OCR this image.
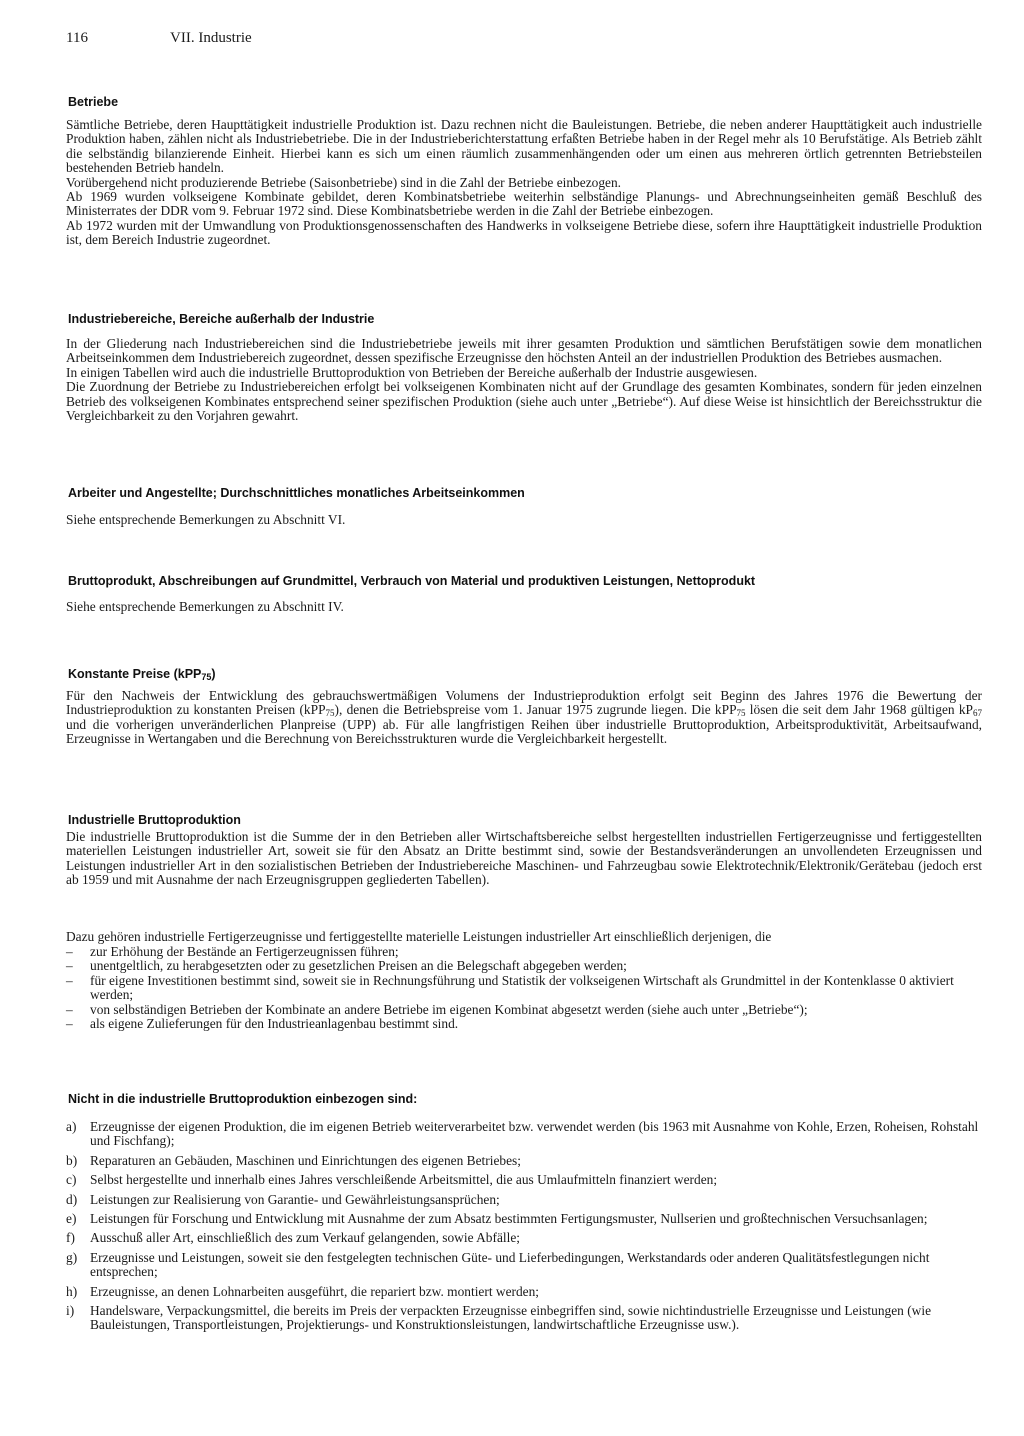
116	VII. Industrie
Betriebe
Sämtliche Betriebe, deren Haupttätigkeit industrielle Produktion ist. Dazu rechnen nicht die Bauleistungen. Betriebe, die neben anderer Haupttätigkeit auch industrielle Produktion haben, zählen nicht als Industriebetriebe. Die in der Industrieberichterstattung erfaßten Betriebe haben in der Regel mehr als 10 Berufstätige. Als Betrieb zählt die selbständig bilanzierende Einheit. Hierbei kann es sich um einen räumlich zusammenhängenden oder um einen aus mehreren örtlich getrennten Betriebsteilen bestehenden Betrieb handeln.
Vorübergehend nicht produzierende Betriebe (Saisonbetriebe) sind in die Zahl der Betriebe einbezogen.
Ab 1969 wurden volkseigene Kombinate gebildet, deren Kombinatsbetriebe weiterhin selbständige Planungs- und Abrechnungseinheiten gemäß Beschluß des Ministerrates der DDR vom 9. Februar 1972 sind. Diese Kombinatsbetriebe werden in die Zahl der Betriebe einbezogen.
Ab 1972 wurden mit der Umwandlung von Produktionsgenossenschaften des Handwerks in volkseigene Betriebe diese, sofern ihre Haupttätigkeit industrielle Produktion ist, dem Bereich Industrie zugeordnet.
Industriebereiche, Bereiche außerhalb der Industrie
In der Gliederung nach Industriebereichen sind die Industriebetriebe jeweils mit ihrer gesamten Produktion und sämtlichen Berufstätigen sowie dem monatlichen Arbeitseinkommen dem Industriebereich zugeordnet, dessen spezifische Erzeugnisse den höchsten Anteil an der industriellen Produktion des Betriebes ausmachen.
In einigen Tabellen wird auch die industrielle Bruttoproduktion von Betrieben der Bereiche außerhalb der Industrie ausgewiesen.
Die Zuordnung der Betriebe zu Industriebereichen erfolgt bei volkseigenen Kombinaten nicht auf der Grundlage des gesamten Kombinates, sondern für jeden einzelnen Betrieb des volkseigenen Kombinates entsprechend seiner spezifischen Produktion (siehe auch unter „Betriebe“). Auf diese Weise ist hinsichtlich der Bereichsstruktur die Vergleichbarkeit zu den Vorjahren gewahrt.
Arbeiter und Angestellte; Durchschnittliches monatliches Arbeitseinkommen
Siehe entsprechende Bemerkungen zu Abschnitt VI.
Bruttoprodukt, Abschreibungen auf Grundmittel, Verbrauch von Material und produktiven Leistungen, Nettoprodukt
Siehe entsprechende Bemerkungen zu Abschnitt IV.
Konstante Preise (kPP$_{75}$)
Für den Nachweis der Entwicklung des gebrauchswertmäßigen Volumens der Industrieproduktion erfolgt seit Beginn des Jahres 1976 die Bewertung der Industrieproduktion zu konstanten Preisen (kPP$_{75}$), denen die Betriebspreise vom 1. Januar 1975 zugrunde liegen. Die kPP$_{75}$ lösen die seit dem Jahr 1968 gültigen $kP_{67}$ und die vorherigen unveränderlichen Planpreise (UPP) ab. Für alle langfristigen Reihen über industrielle Bruttoproduktion, Arbeitsproduktivität, Arbeitsaufwand, Erzeugnisse in Wertangaben und die Berechnung von Bereichsstrukturen wurde die Vergleichbarkeit hergestellt.
Industrielle Bruttoproduktion
Die industrielle Bruttoproduktion ist die Summe der in den Betrieben aller Wirtschaftsbereiche selbst hergestellten industriellen Fertigerzeugnisse und fertiggestellten materiellen Leistungen industrieller Art, soweit sie für den Absatz an Dritte bestimmt sind, sowie der Bestandsveränderungen an unvollendeten Erzeugnissen und Leistungen industrieller Art in den sozialistischen Betrieben der Industriebereiche Maschinen- und Fahrzeugbau sowie Elektrotechnik/Elektronik/Gerätebau (jedoch erst ab 1959 und mit Ausnahme der nach Erzeugnisgruppen gegliederten Tabellen).
Dazu gehören industrielle Fertigerzeugnisse und fertiggestellte materielle Leistungen industrieller Art einschließlich derjenigen, die
– zur Erhöhung der Bestände an Fertigerzeugnissen führen;
– unentgeltlich, zu herabgesetzten oder zu gesetzlichen Preisen an die Belegschaft abgegeben werden;
– für eigene Investitionen bestimmt sind, soweit sie in Rechnungsführung und Statistik der volkseigenen Wirtschaft als Grundmittel in der Kontenklasse 0 aktiviert werden;
– von selbständigen Betrieben der Kombinate an andere Betriebe im eigenen Kombinat abgesetzt werden (siehe auch unter „Betriebe“);
– als eigene Zulieferungen für den Industrieanlagenbau bestimmt sind.
Nicht in die industrielle Bruttoproduktion einbezogen sind:
a) Erzeugnisse der eigenen Produktion, die im eigenen Betrieb weiterverarbeitet bzw. verwendet werden (bis 1963 mit Ausnahme von Kohle, Erzen, Roheisen, Rohstahl und Fischfang);
b) Reparaturen an Gebäuden, Maschinen und Einrichtungen des eigenen Betriebes;
c) Selbst hergestellte und innerhalb eines Jahres verschleißende Arbeitsmittel, die aus Umlaufmitteln finanziert werden;
d) Leistungen zur Realisierung von Garantie- und Gewährleistungsansprüchen;
e) Leistungen für Forschung und Entwicklung mit Ausnahme der zum Absatz bestimmten Fertigungsmuster, Nullserien und großtechnischen Versuchsanlagen;
f) Ausschuß aller Art, einschließlich des zum Verkauf gelangenden, sowie Abfälle;
g) Erzeugnisse und Leistungen, soweit sie den festgelegten technischen Güte- und Lieferbedingungen, Werkstandards oder anderen Qualitätsfestlegungen nicht entsprechen;
h) Erzeugnisse, an denen Lohnarbeiten ausgeführt, die repariert bzw. montiert werden;
i) Handelsware, Verpackungsmittel, die bereits im Preis der verpackten Erzeugnisse einbegriffen sind, sowie nichtindustrielle Erzeugnisse und Leistungen (wie Bauleistungen, Transportleistungen, Projektierungs- und Konstruktionsleistungen, landwirtschaftliche Erzeugnisse usw.).
